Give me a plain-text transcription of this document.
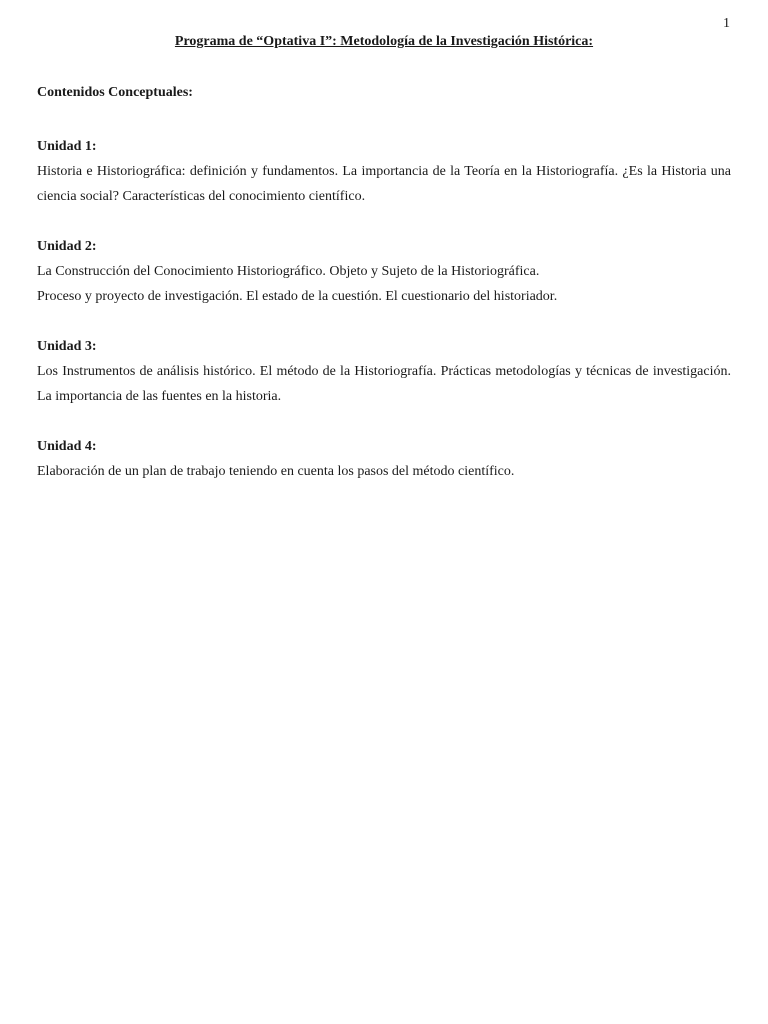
1
Programa de “Optativa I”: Metodología de la Investigación Histórica:
Contenidos Conceptuales:
Unidad 1:

Historia e Historiográfica: definición y fundamentos. La importancia de la Teoría en la Historiografía. ¿Es la Historia una ciencia social? Características del conocimiento científico.

Unidad 2:

La Construcción del Conocimiento Historiográfico. Objeto y Sujeto de la Historiográfica.

Proceso y proyecto de investigación. El estado de la cuestión. El cuestionario del historiador.

Unidad 3:

Los Instrumentos de análisis histórico. El método de la Historiografía. Prácticas metodologías y técnicas de investigación. La importancia de las fuentes en la historia.

Unidad 4:

Elaboración de un plan de trabajo teniendo en cuenta los pasos del método científico.
